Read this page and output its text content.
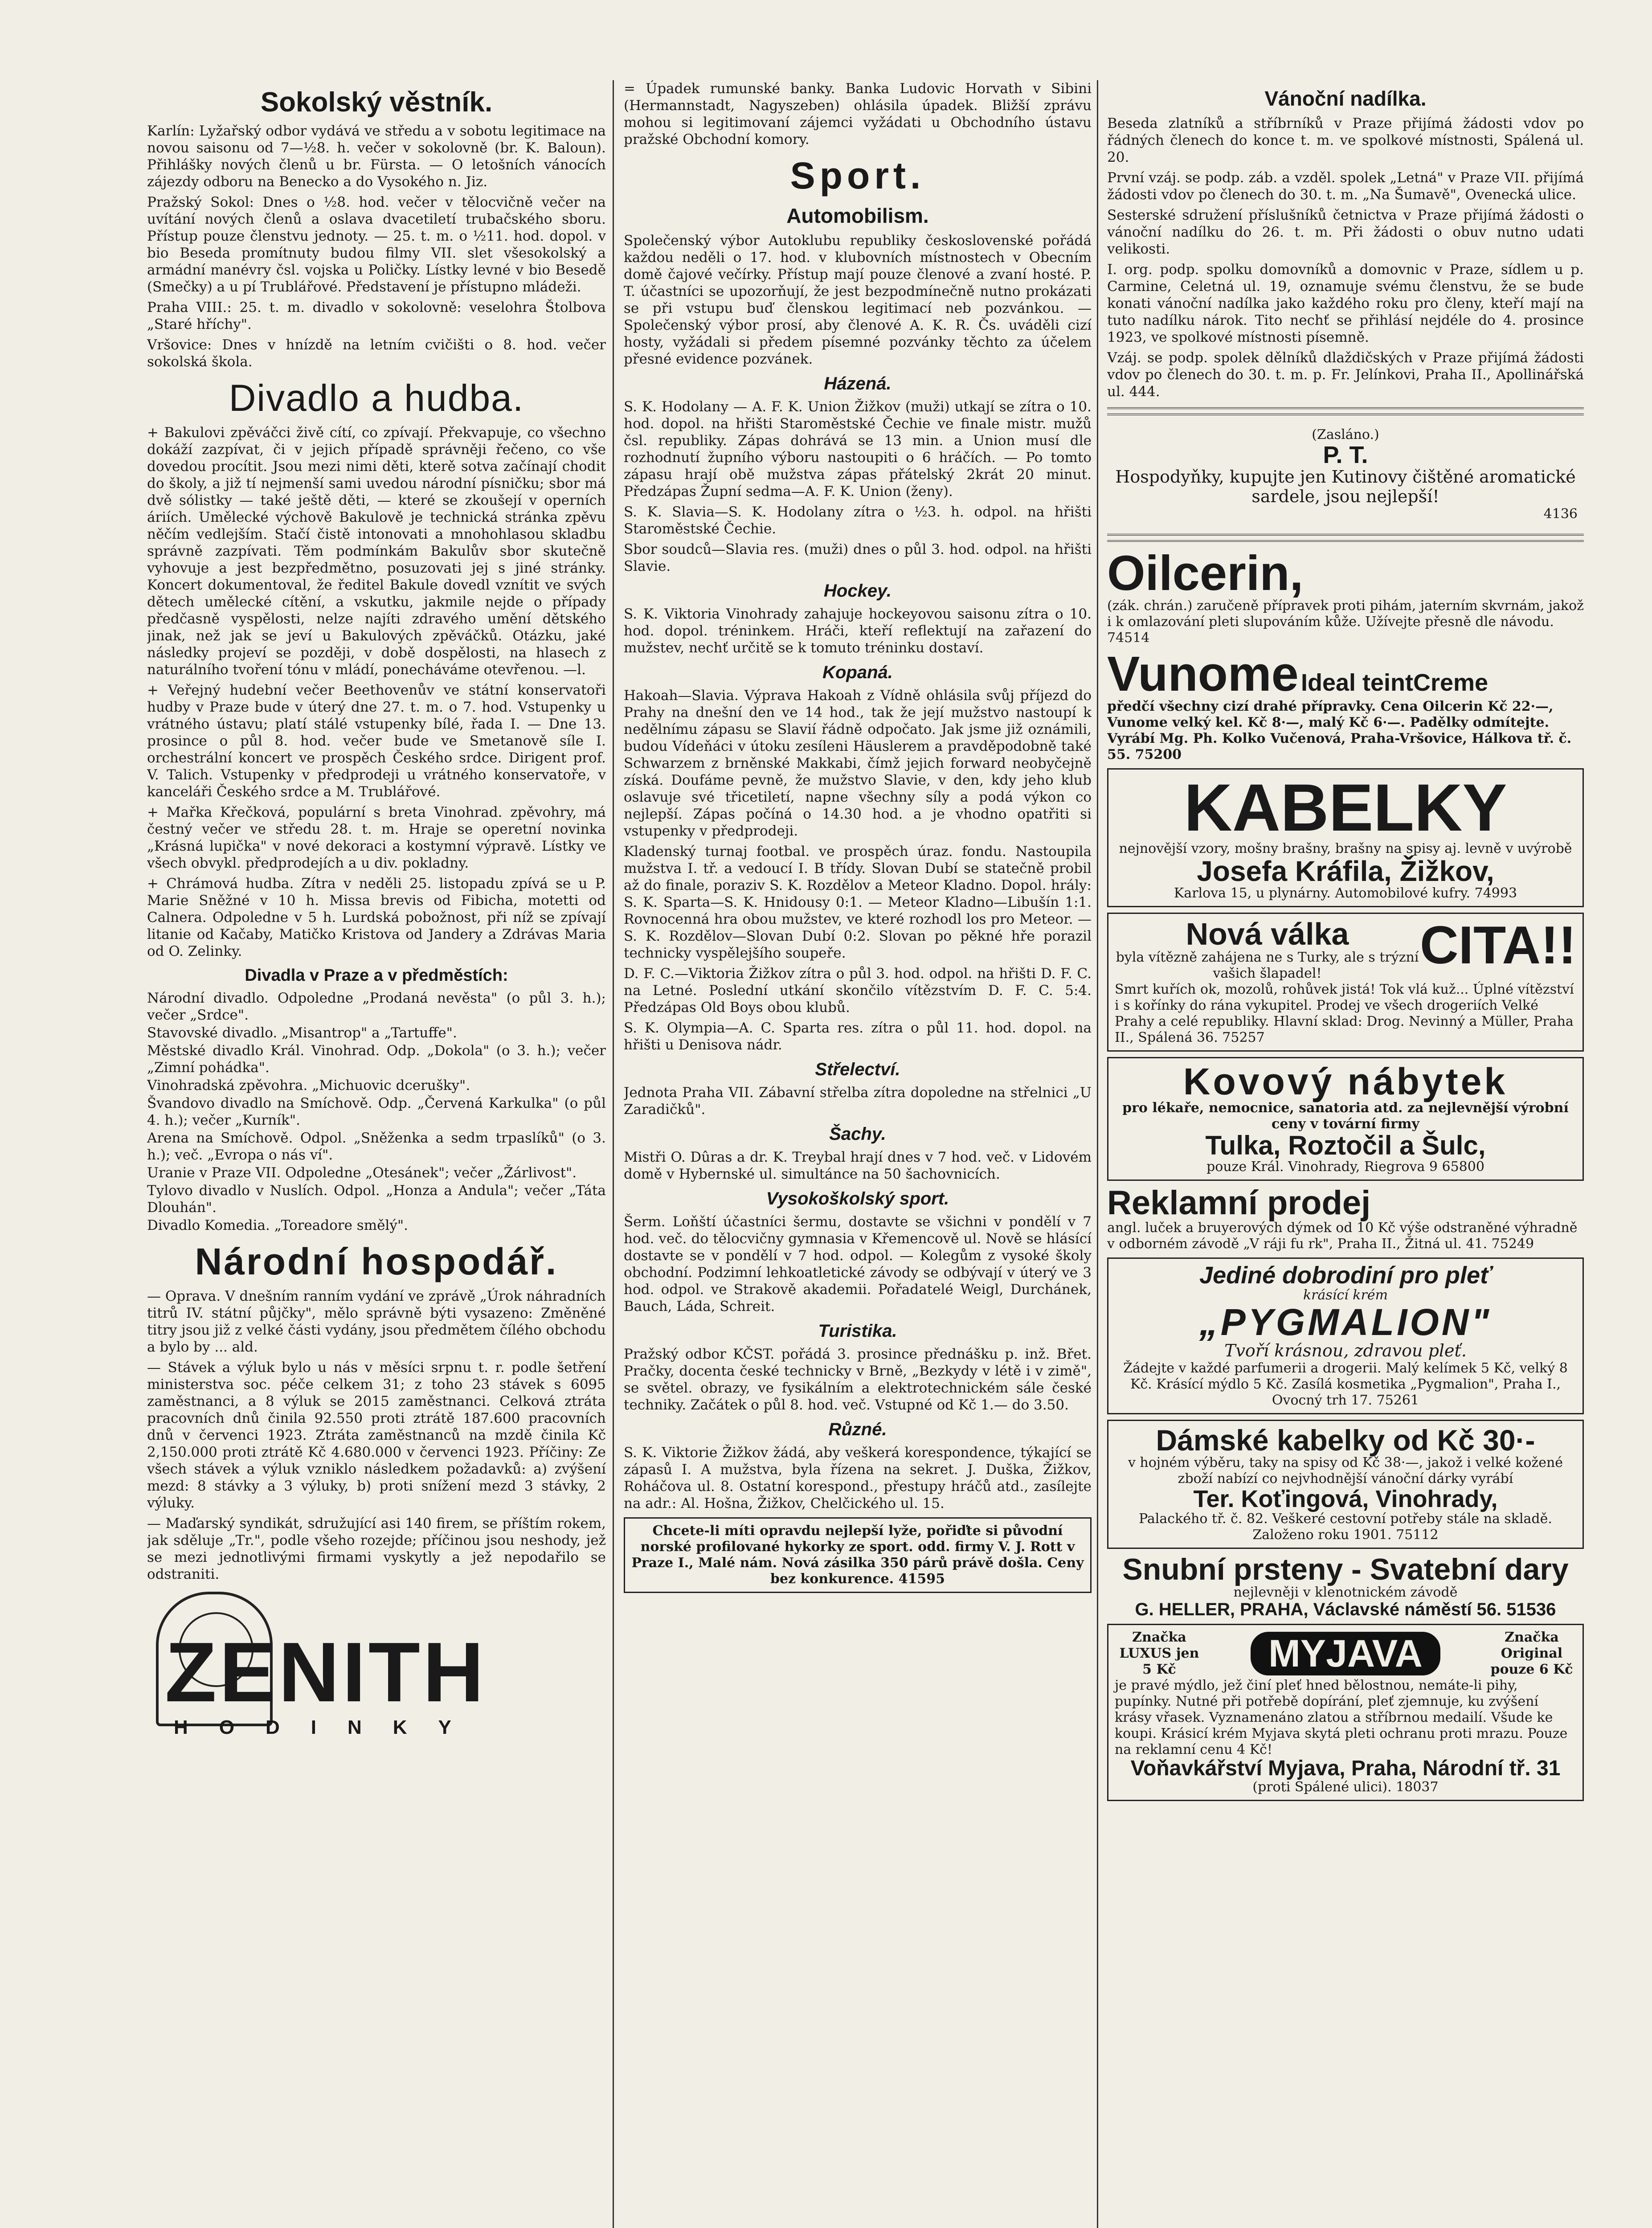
Sokolský věstník.

Karlín: Lyžařský odbor vydává ve středu a v sobotu legitimace na novou saisonu od 7—½8. h. večer v sokolovně (br. K. Baloun). Přihlášky nových členů u br. Fürsta. — O letošních vánocích zájezdy odboru na Benecko a do Vysokého n. Jiz.

Pražský Sokol: Dnes o ½8. hod. večer v tělocvičně večer na uvítání nových členů a oslava dvacetiletí trubačského sboru. Přístup pouze členstvu jednoty. — 25. t. m. o ½11. hod. dopol. v bio Beseda promítnuty budou filmy VII. slet všesokolský a armádní manévry čsl. vojska u Poličky. Lístky levné v bio Besedě (Smečky) a u pí Trublářové. Představení je přístupno mládeži.

Praha VIII.: 25. t. m. divadlo v sokolovně: veselohra Štolbova „Staré hříchy".

Vršovice: Dnes v hnízdě na letním cvičišti o 8. hod. večer sokolská škola.

Divadlo a hudba.

+ Bakulovi zpěváčci živě cítí, co zpívají. Překvapuje, co všechno dokáží zazpívat, či v jejich případě správněji řečeno, co vše dovedou procítit. Jsou mezi nimi děti, kterě sotva začínají chodit do školy, a již tí nejmenší sami uvedou národní písničku; sbor má dvě sólistky — také ještě děti, — které se zkoušejí v operních áriích. Umělecké výchově Bakulově je technická stránka zpěvu něčím vedlejším. Stačí čistě intonovati a mnohohlasou skladbu správně zazpívati. Těm podmínkám Bakulův sbor skutečně vyhovuje a jest bezpředmětno, posuzovati jej s jiné stránky. Koncert dokumentoval, že ředitel Bakule dovedl vznítit ve svých dětech umělecké cítění, a vskutku, jakmile nejde o případy předčasně vyspělosti, nelze najíti zdravého umění dětského jinak, než jak se jeví u Bakulových zpěváčků. Otázku, jaké následky projeví se později, v době dospělosti, na hlasech z naturálního tvoření tónu v mládí, ponecháváme otevřenou. —l.

+ Veřejný hudební večer Beethovenův ve státní konservatoři hudby v Praze bude v úterý dne 27. t. m. o 7. hod. Vstupenky u vrátného ústavu; platí stálé vstupenky bílé, řada I. — Dne 13. prosince o půl 8. hod. večer bude ve Smetanově síle I. orchestrální koncert ve prospěch Českého srdce. Dirigent prof. V. Talich. Vstupenky v předprodeji u vrátného konservatoře, v kanceláři Českého srdce a M. Trublářové.

+ Mařka Křečková, populární s breta Vinohrad. zpěvohry, má čestný večer ve středu 28. t. m. Hraje se operetní novinka „Krásná lupička" v nové dekoraci a kostymní výpravě. Lístky ve všech obvykl. předprodejích a u div. pokladny.

+ Chrámová hudba. Zítra v neděli 25. listopadu zpívá se u P. Marie Sněžné v 10 h. Missa brevis od Fibicha, motetti od Calnera. Odpoledne v 5 h. Lurdská pobožnost, při níž se zpívají litanie od Kačaby, Matičko Kristova od Jandery a Zdrávas Maria od O. Zelinky.

Divadla v Praze a v předměstích:

Národní divadlo. Odpoledne „Prodaná nevěsta" (o půl 3. h.); večer „Srdce".

Stavovské divadlo. „Misantrop" a „Tartuffe".

Městské divadlo Král. Vinohrad. Odp. „Dokola" (o 3. h.); večer „Zimní pohádka".

Vinohradská zpěvohra. „Michuovic dcerušky".

Švandovo divadlo na Smíchově. Odp. „Červená Karkulka" (o půl 4. h.); večer „Kurník".

Arena na Smíchově. Odpol. „Sněženka a sedm trpaslíků" (o 3. h.); več. „Evropa o nás ví".

Uranie v Praze VII. Odpoledne „Otesánek"; večer „Žárlivost".

Tylovo divadlo v Nuslích. Odpol. „Honza a Andula"; večer „Táta Dlouhán".

Divadlo Komedia. „Toreadore smělý".

Národní hospodář.

— Oprava. V dnešním ranním vydání ve zprávě „Úrok náhradních titrů IV. státní půjčky", mělo správně býti vysazeno: Změněné titry jsou již z velké části vydány, jsou předmětem čílého obchodu a bylo by ... ald.

— Stávek a výluk bylo u nás v měsíci srpnu t. r. podle šetření ministerstva soc. péče celkem 31; z toho 23 stávek s 6095 zaměstnanci, a 8 výluk se 2015 zaměstnanci. Celková ztráta pracovních dnů činila 92.550 proti ztrátě 187.600 pracovních dnů v červenci 1923. Ztráta zaměstnanců na mzdě činila Kč 2,150.000 proti ztrátě Kč 4.680.000 v červenci 1923. Příčiny: Ze všech stávek a výluk vzniklo následkem požadavků: a) zvýšení mezd: 8 stávky a 3 výluky, b) proti snížení mezd 3 stávky, 2 výluky.

— Maďarský syndikát, sdružující asi 140 firem, se příštím rokem, jak sděluje „Tr.", podle všeho rozejde; příčinou jsou neshody, jež se mezi jednotlivými firmami vyskytly a jež nepodařilo se odstraniti.

ZENITH
HODINKY

= Úpadek rumunské banky. Banka Ludovic Horvath v Sibini (Hermannstadt, Nagyszeben) ohlásila úpadek. Bližší zprávu mohou si legitimovaní zájemci vyžádati u Obchodního ústavu pražské Obchodní komory.

Sport.
Automobilism.

Společenský výbor Autoklubu republiky československé pořádá každou neděli o 17. hod. v klubovních místnostech v Obecním domě čajové večírky. Přístup mají pouze členové a zvaní hosté. P. T. účastníci se upozorňují, že jest bezpodmínečně nutno prokázati se při vstupu buď členskou legitimací neb pozvánkou. — Společenský výbor prosí, aby členové A. K. R. Čs. uváděli cizí hosty, vyžádali si předem písemné pozvánky těchto za účelem přesné evidence pozvánek.

Házená.

S. K. Hodolany — A. F. K. Union Žižkov (muži) utkají se zítra o 10. hod. dopol. na hřišti Staroměstské Čechie ve finale mistr. mužů čsl. republiky. Zápas dohrává se 13 min. a Union musí dle rozhodnutí župního výboru nastoupiti o 6 hráčích. — Po tomto zápasu hrají obě mužstva zápas přátelský 2krát 20 minut. Předzápas Župní sedma—A. F. K. Union (ženy).

S. K. Slavia—S. K. Hodolany zítra o ½3. h. odpol. na hřišti Staroměstské Čechie.

Sbor soudců—Slavia res. (muži) dnes o půl 3. hod. odpol. na hřišti Slavie.

Hockey.

S. K. Viktoria Vinohrady zahajuje hockeyovou saisonu zítra o 10. hod. dopol. tréninkem. Hráči, kteří reflektují na zařazení do mužstev, nechť určitě se k tomuto tréninku dostaví.

Kopaná.

Hakoah—Slavia. Výprava Hakoah z Vídně ohlásila svůj příjezd do Prahy na dnešní den ve 14 hod., tak že její mužstvo nastoupí k nedělnímu zápasu se Slavií řádně odpočato. Jak jsme již oznámili, budou Vídeňáci v útoku zesíleni Häuslerem a pravděpodobně také Schwarzem z brněnské Makkabi, čímž jejich forward neobyčejně získá. Doufáme pevně, že mužstvo Slavie, v den, kdy jeho klub oslavuje své třicetiletí, napne všechny síly a podá výkon co nejlepší. Zápas počíná o 14.30 hod. a je vhodno opatřiti si vstupenky v předprodeji.

Kladenský turnaj footbal. ve prospěch úraz. fondu. Nastoupila mužstva I. tř. a vedoucí I. B třídy. Slovan Dubí se statečně probil až do finale, poraziv S. K. Rozdělov a Meteor Kladno. Dopol. hrály: S. K. Sparta—S. K. Hnidousy 0:1. — Meteor Kladno—Libušín 1:1. Rovnocenná hra obou mužstev, ve které rozhodl los pro Meteor. — S. K. Rozdělov—Slovan Dubí 0:2. Slovan po pěkné hře porazil technicky vyspělejšího soupeře.

D. F. C.—Viktoria Žižkov zítra o půl 3. hod. odpol. na hřišti D. F. C. na Letné. Poslední utkání skončilo vítězstvím D. F. C. 5:4. Předzápas Old Boys obou klubů.

S. K. Olympia—A. C. Sparta res. zítra o půl 11. hod. dopol. na hřišti u Denisova nádr.

Střelectví.

Jednota Praha VII. Zábavní střelba zítra dopoledne na střelnici „U Zaradičků".

Šachy.

Mistři O. Dûras a dr. K. Treybal hrají dnes v 7 hod. več. v Lidovém domě v Hybernské ul. simultánce na 50 šachovnicích.

Vysokoškolský sport.

Šerm. Loňští účastníci šermu, dostavte se všichni v pondělí v 7 hod. več. do tělocvičny gymnasia v Křemencově ul. Nově se hlásící dostavte se v pondělí v 7 hod. odpol. — Kolegům z vysoké školy obchodní. Podzimní lehkoatletické závody se odbývají v úterý ve 3 hod. odpol. ve Strakově akademii. Pořadatelé Weigl, Durchánek, Bauch, Láda, Schreit.

Turistika.

Pražský odbor KČST. pořádá 3. prosince přednášku p. inž. Břet. Pračky, docenta české technicky v Brně, „Bezkydy v létě i v zimě", se světel. obrazy, ve fysikálním a elektrotechnickém sále české techniky. Začátek o půl 8. hod. več. Vstupné od Kč 1.— do 3.50.

Různé.

S. K. Viktorie Žižkov žádá, aby veškerá korespondence, týkající se zápasů I. A mužstva, byla řízena na sekret. J. Duška, Žižkov, Roháčova ul. 8. Ostatní korespond., přestupy hráčů atd., zasílejte na adr.: Al. Hošna, Žižkov, Chelčického ul. 15.

Chcete-li míti opravdu nejlepší lyže, pořiďte si původní norské profilované hykorky ze sport. odd. firmy V. J. Rott v Praze I., Malé nám. Nová zásilka 350 párů právě došla. Ceny bez konkurence. 41595
Vánoční nadílka.

Beseda zlatníků a stříbrníků v Praze přijímá žádosti vdov po řádných členech do konce t. m. ve spolkové místnosti, Spálená ul. 20.

První vzáj. se podp. záb. a vzděl. spolek „Letná" v Praze VII. přijímá žádosti vdov po členech do 30. t. m. „Na Šumavě", Ovenecká ulice.

Sesterské sdružení příslušníků četnictva v Praze přijímá žádosti o vánoční nadílku do 26. t. m. Při žádosti o obuv nutno udati velikosti.

I. org. podp. spolku domovníků a domovnic v Praze, sídlem u p. Carmine, Celetná ul. 19, oznamuje svému členstvu, že se bude konati vánoční nadílka jako každého roku pro členy, kteří mají na tuto nadílku nárok. Tito nechť se přihlásí nejdéle do 4. prosince 1923, ve spolkové místnosti písemně.

Vzáj. se podp. spolek dělníků dlaždičských v Praze přijímá žádosti vdov po členech do 30. t. m. p. Fr. Jelínkovi, Praha II., Apollinářská ul. 444.

(Zasláno.)
P. T.
Hospodyňky, kupujte jen Kutinovy čištěné aromatické sardele, jsou nejlepší!
4136
Oilcerin,
(zák. chrán.) zaručeně přípravek proti pihám, jaterním skvrnám, jakož i k omlazování pleti slupováním kůže. Užívejte přesně dle návodu. 74514
Vunome Ideal teintCreme
předčí všechny cizí drahé přípravky. Cena Oilcerin Kč 22·—, Vunome velký kel. Kč 8·—, malý Kč 6·—. Padělky odmítejte. Vyrábí Mg. Ph. Kolko Vučenová, Praha-Vršovice, Hálkova tř. č. 55. 75200
KABELKY
nejnovější vzory, mošny brašny, brašny na spisy aj. levně v uvýrobě
Josefa Kráfila, Žižkov,
Karlova 15, u plynárny. Automobilové kufry. 74993
Nová válka CITA!!
byla vítězně zahájena ne s Turky, ale s trýzní vašich šlapadel!
Smrt kuřích ok, mozolů, rohůvek jistá! Tok vlá kuž... Úplné vítězství i s kořínky do rána vykupitel. Prodej ve všech drogeriích Velké Prahy a celé republiky. Hlavní sklad: Drog. Nevinný a Müller, Praha II., Spálená 36. 75257
Kovový nábytek
pro lékaře, nemocnice, sanatoria atd. za nejlevnější výrobní ceny v tovární firmy
Tulka, Roztočil a Šulc,
pouze Král. Vinohrady, Riegrova 9 65800
Reklamní prodej
angl. luček a bruyerových dýmek od 10 Kč výše odstraněné výhradně v odborném závodě „V ráji fu rk", Praha II., Žitná ul. 41. 75249
Jediné dobrodiní pro pleť
krásící krém
„PYGMALION"
Tvoří krásnou, zdravou pleť.
Žádejte v každé parfumerii a drogerii. Malý kelímek 5 Kč, velký 8 Kč. Krásící mýdlo 5 Kč. Zasílá kosmetika „Pygmalion", Praha I., Ovocný trh 17. 75261
Dámské kabelky od Kč 30·-
v hojném výběru, taky na spisy od Kč 38·—, jakož i velké kožené zboží nabízí co nejvhodnější vánoční dárky vyrábí
Ter. Koťingová, Vinohrady,
Palackého tř. č. 82. Veškeré cestovní potřeby stále na skladě. Založeno roku 1901. 75112
Snubní prsteny - Svatební dary
nejlevněji v klenotnickém závodě
G. HELLER, PRAHA, Václavské náměstí 56. 51536
Značka LUXUS jen 5 Kč	MYJAVA	Značka Original pouze 6 Kč
je pravé mýdlo, jež činí pleť hned bělostnou, nemáte-li pihy, pupínky. Nutné při potřebě dopírání, pleť zjemnuje, ku zvýšení krásy vřasek. Vyznamenáno zlatou a stříbrnou medailí. Všude ke koupi. Krásicí krém Myjava skytá pleti ochranu proti mrazu. Pouze na reklamní cenu 4 Kč!
Voňavkářství Myjava, Praha, Národní tř. 31
(proti Spálené ulici). 18037
